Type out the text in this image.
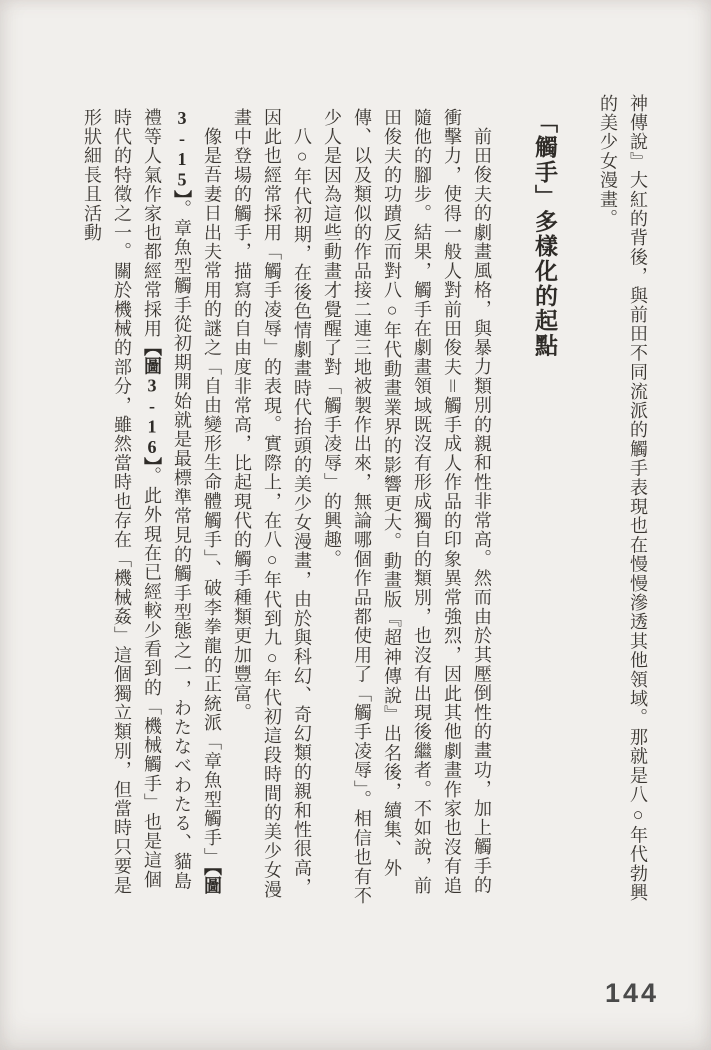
神傳說』大紅的背後，與前田不同流派的觸手表現也在慢慢滲透其他領域。那就是八○年代勃興的美少女漫畫。

「觸手」多樣化的起點

前田俊夫的劇畫風格，與暴力類別的親和性非常高。然而由於其壓倒性的畫功，加上觸手的衝擊力，使得一般人對前田俊夫＝觸手成人作品的印象異常強烈，因此其他劇畫作家也沒有追隨他的腳步。結果，觸手在劇畫領域既沒有形成獨自的類別，也沒有出現後繼者。不如說，前田俊夫的功蹟反而對八○年代動畫業界的影響更大。動畫版『超神傳說』出名後，續集、外傳、以及類似的作品接二連三地被製作出來，無論哪個作品都使用了「觸手凌辱」。相信也有不少人是因為這些動畫才覺醒了對「觸手凌辱」的興趣。

八○年代初期，在後色情劇畫時代抬頭的美少女漫畫，由於與科幻、奇幻類的親和性很高，因此也經常採用「觸手凌辱」的表現。實際上，在八○年代到九○年代初這段時間的美少女漫畫中登場的觸手，描寫的自由度非常高，比起現代的觸手種類更加豐富。

像是吾妻日出夫常用的謎之「自由變形生命體觸手」、破李拳龍的正統派「章魚型觸手」【圖3-15】。章魚型觸手從初期開始就是最標準常見的觸手型態之一，わたなべわたる、貓島禮等人氣作家也都經常採用【圖3-16】。此外現在已經較少看到的「機械觸手」也是這個時代的特徵之一。關於機械的部分，雖然當時也存在「機械姦」這個獨立類別，但當時只要是形狀細長且活動

144
